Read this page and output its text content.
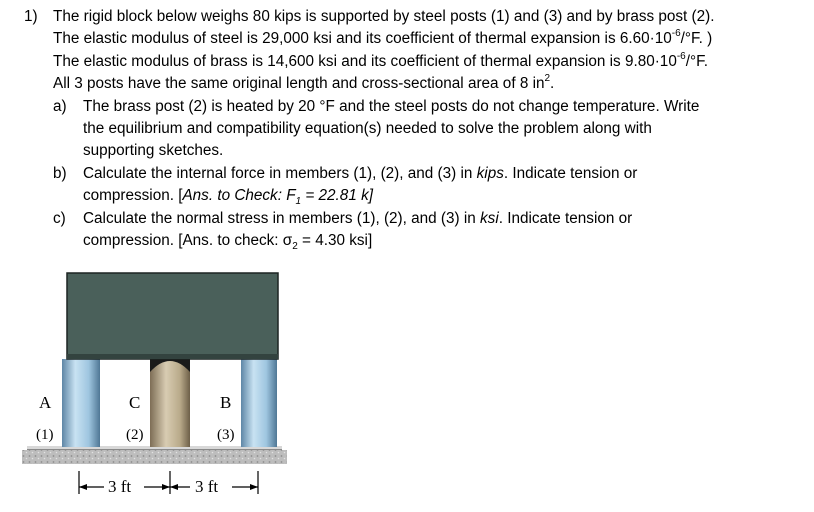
1) The rigid block below weighs 80 kips is supported by steel posts (1) and (3) and by brass post (2).
The elastic modulus of steel is 29,000 ksi and its coefficient of thermal expansion is $6.60\cdot 10^{-6}/^\circ F$. )
The elastic modulus of brass is 14,600 ksi and its coefficient of thermal expansion is $9.80\cdot 10^{-6}/^\circ F$.
All 3 posts have the same original length and cross-sectional area of 8 $in^2$.
a) The brass post (2) is heated by 20 °F and the steel posts do not change temperature. Write
the equilibrium and compatibility equation(s) needed to solve the problem along with
supporting sketches.
b) Calculate the internal force in members (1), (2), and (3) in kips. Indicate tension or
compression. [Ans. to Check: $F_1 = 22.81$ k]
c) Calculate the normal stress in members (1), (2), and (3) in ksi. Indicate tension or
compression. [Ans. to check: $\sigma_2 = 4.30$ ksi]
A	C	B
(1)	(2)	(3)
3 ft	3 ft
